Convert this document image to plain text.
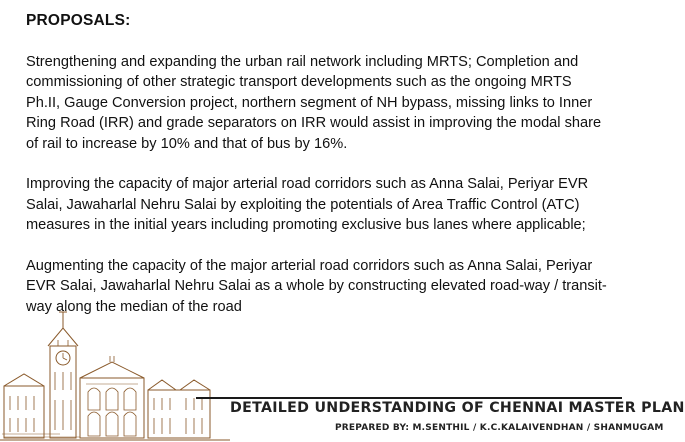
PROPOSALS:

Strengthening and expanding the urban rail network including MRTS; Completion and
commissioning of other strategic transport developments such as the ongoing MRTS
Ph.II, Gauge Conversion project, northern segment of NH bypass, missing links to Inner
Ring Road (IRR) and grade separators on IRR would assist in improving the modal share
of rail to increase by 10% and that of bus by 16%.

Improving the capacity of major arterial road corridors such as Anna Salai, Periyar EVR
Salai, Jawaharlal Nehru Salai by exploiting the potentials of Area Traffic Control (ATC)
measures in the initial years including promoting exclusive bus lanes where applicable;

Augmenting the capacity of the major arterial road corridors such as Anna Salai, Periyar
EVR Salai, Jawaharlal Nehru Salai as a whole by constructing elevated road-way / transit-
way along the median of the road

DETAILED UNDERSTANDING OF CHENNAI MASTER PLAN
PREPARED BY: M.SENTHIL / K.C.KALAIVENDHAN / SHANMUGAM
